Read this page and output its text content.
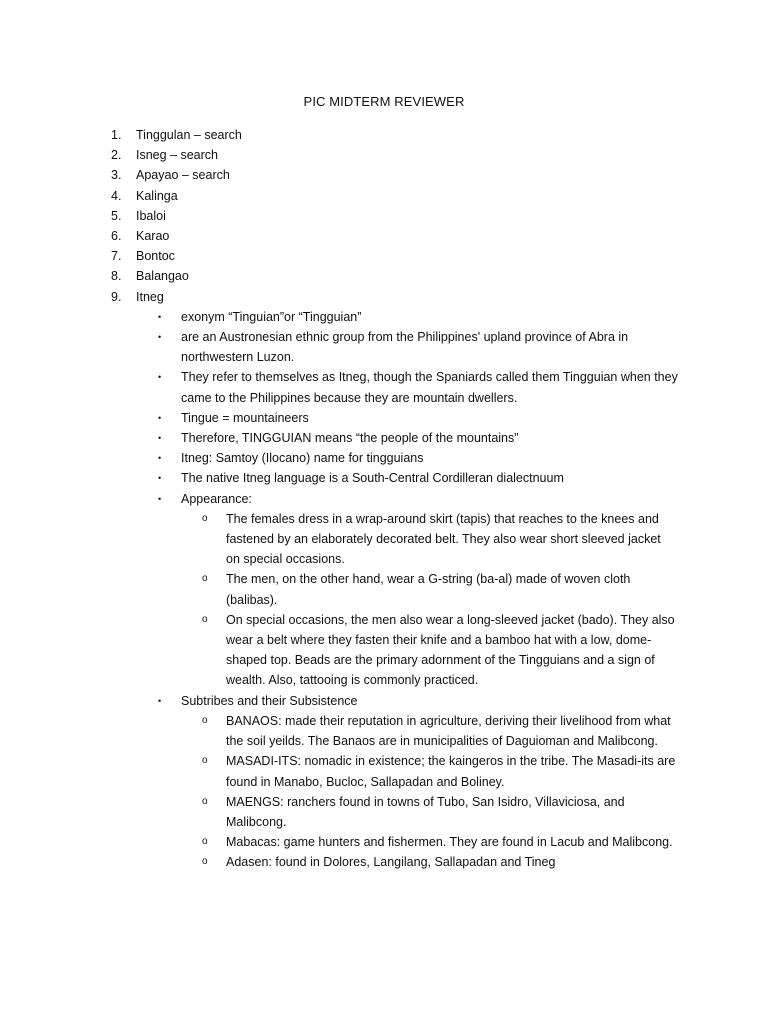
PIC MIDTERM REVIEWER
1. Tinggulan – search
2. Isneg – search
3. Apayao – search
4. Kalinga
5. Ibaloi
6. Karao
7. Bontoc
8. Balangao
9. Itneg
• exonym “Tinguian”or “Tingguian”
• are an Austronesian ethnic group from the Philippines' upland province of Abra in northwestern Luzon.
• They refer to themselves as Itneg, though the Spaniards called them Tingguian when they came to the Philippines because they are mountain dwellers.
• Tingue = mountaineers
• Therefore, TINGGUIAN means “the people of the mountains”
• Itneg: Samtoy (Ilocano) name for tingguians
• The native Itneg language is a South-Central Cordilleran dialectnuum
• Appearance:
o The females dress in a wrap-around skirt (tapis) that reaches to the knees and fastened by an elaborately decorated belt. They also wear short sleeved jacket on special occasions.
o The men, on the other hand, wear a G-string (ba-al) made of woven cloth (balibas).
o On special occasions, the men also wear a long-sleeved jacket (bado). They also wear a belt where they fasten their knife and a bamboo hat with a low, dome-shaped top. Beads are the primary adornment of the Tingguians and a sign of wealth. Also, tattooing is commonly practiced.
• Subtribes and their Subsistence
o BANAOS: made their reputation in agriculture, deriving their livelihood from what the soil yeilds. The Banaos are in municipalities of Daguioman and Malibcong.
o MASADI-ITS: nomadic in existence; the kaingeros in the tribe. The Masadi-its are found in Manabo, Bucloc, Sallapadan and Boliney.
o MAENGS: ranchers found in towns of Tubo, San Isidro, Villaviciosa, and Malibcong.
o Mabacas: game hunters and fishermen. They are found in Lacub and Malibcong.
o Adasen: found in Dolores, Langilang, Sallapadan and Tineg
